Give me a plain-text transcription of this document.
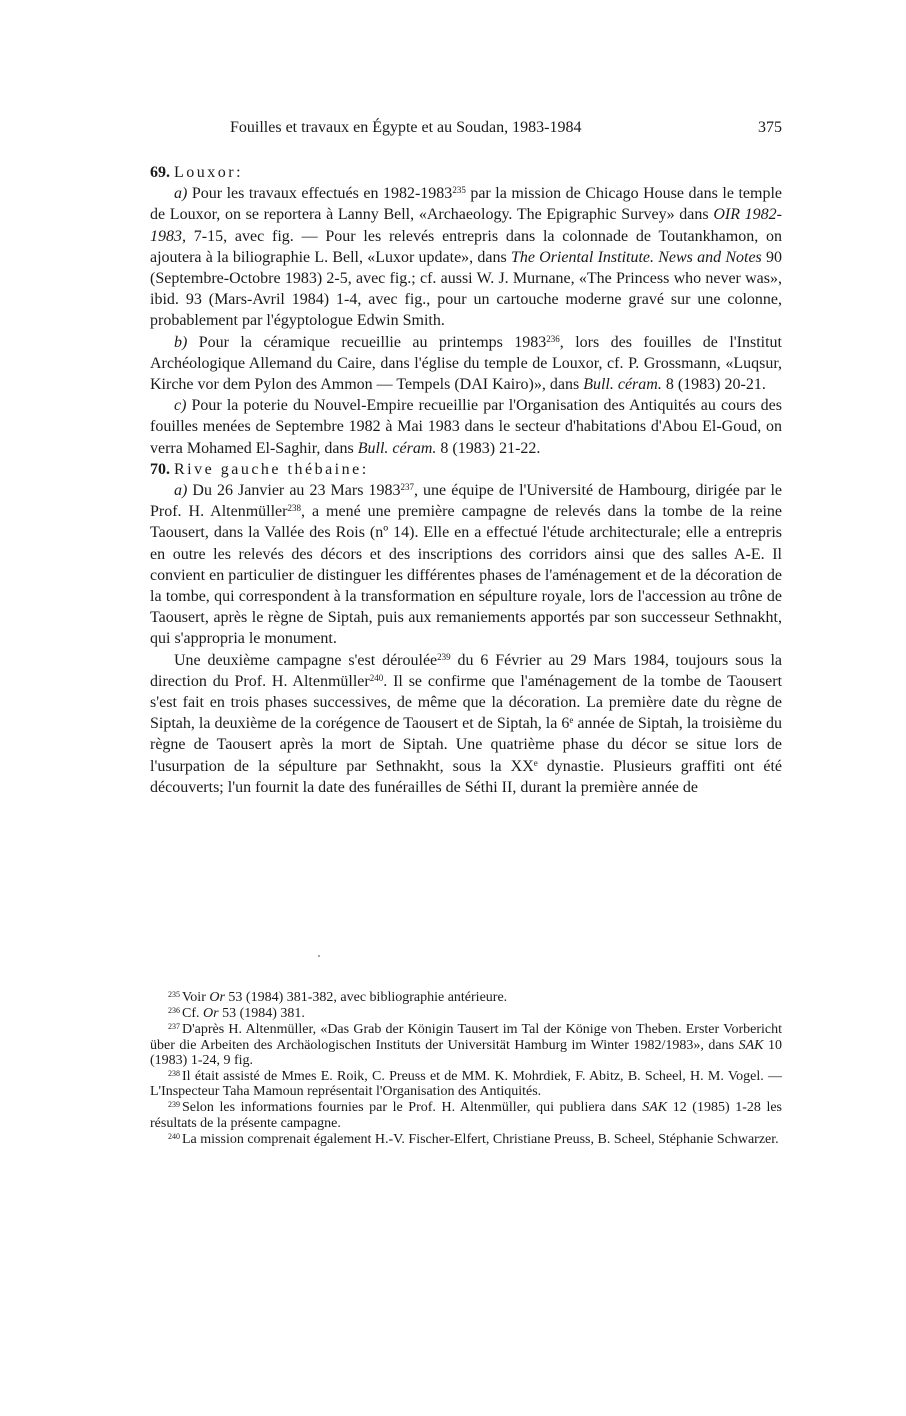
Fouilles et travaux en Égypte et au Soudan, 1983-1984	375

69. Louxor:

a) Pour les travaux effectués en 1982-1983$^{235}$ par la mission de Chicago House dans le temple de Louxor, on se reportera à Lanny Bell, «Archaeology. The Epigraphic Survey» dans OIR 1982-1983, 7-15, avec fig. — Pour les relevés entrepris dans la colonnade de Toutankhamon, on ajoutera à la biliographie L. Bell, «Luxor update», dans The Oriental Institute. News and Notes 90 (Septembre-Octobre 1983) 2-5, avec fig.; cf. aussi W. J. Murnane, «The Princess who never was», ibid. 93 (Mars-Avril 1984) 1-4, avec fig., pour un cartouche moderne gravé sur une colonne, probablement par l'égyptologue Edwin Smith.

b) Pour la céramique recueillie au printemps 1983$^{236}$, lors des fouilles de l'Institut Archéologique Allemand du Caire, dans l'église du temple de Louxor, cf. P. Grossmann, «Luqsur, Kirche vor dem Pylon des Ammon — Tempels (DAI Kairo)», dans Bull. céram. 8 (1983) 20-21.

c) Pour la poterie du Nouvel-Empire recueillie par l'Organisation des Antiquités au cours des fouilles menées de Septembre 1982 à Mai 1983 dans le secteur d'habitations d'Abou El-Goud, on verra Mohamed El-Saghir, dans Bull. céram. 8 (1983) 21-22.

70. Rive gauche thébaine:

a) Du 26 Janvier au 23 Mars 1983$^{237}$, une équipe de l'Université de Hambourg, dirigée par le Prof. H. Altenmüller$^{238}$, a mené une première campagne de relevés dans la tombe de la reine Taousert, dans la Vallée des Rois (nº 14). Elle en a effectué l'étude architecturale; elle a entrepris en outre les relevés des décors et des inscriptions des corridors ainsi que des salles A-E. Il convient en particulier de distinguer les différentes phases de l'aménagement et de la décoration de la tombe, qui correspondent à la transformation en sépulture royale, lors de l'accession au trône de Taousert, après le règne de Siptah, puis aux remaniements apportés par son successeur Sethnakht, qui s'appropria le monument.

Une deuxième campagne s'est déroulée$^{239}$ du 6 Février au 29 Mars 1984, toujours sous la direction du Prof. H. Altenmüller$^{240}$. Il se confirme que l'aménagement de la tombe de Taousert s'est fait en trois phases successives, de même que la décoration. La première date du règne de Siptah, la deuxième de la corégence de Taousert et de Siptah, la 6e année de Siptah, la troisième du règne de Taousert après la mort de Siptah. Une quatrième phase du décor se situe lors de l'usurpation de la sépulture par Sethnakht, sous la XXe dynastie. Plusieurs graffiti ont été découverts; l'un fournit la date des funérailles de Séthi II, durant la première année de

$^{235}$ Voir Or 53 (1984) 381-382, avec bibliographie antérieure.

$^{236}$ Cf. Or 53 (1984) 381.

$^{237}$ D'après H. Altenmüller, «Das Grab der Königin Tausert im Tal der Könige von Theben. Erster Vorbericht über die Arbeiten des Archäologischen Instituts der Universität Hamburg im Winter 1982/1983», dans SAK 10 (1983) 1-24, 9 fig.

$^{238}$ Il était assisté de Mmes E. Roik, C. Preuss et de MM. K. Mohrdiek, F. Abitz, B. Scheel, H. M. Vogel. — L'Inspecteur Taha Mamoun représentait l'Organisation des Antiquités.

$^{239}$ Selon les informations fournies par le Prof. H. Altenmüller, qui publiera dans SAK 12 (1985) 1-28 les résultats de la présente campagne.

$^{240}$ La mission comprenait également H.-V. Fischer-Elfert, Christiane Preuss, B. Scheel, Stéphanie Schwarzer.
